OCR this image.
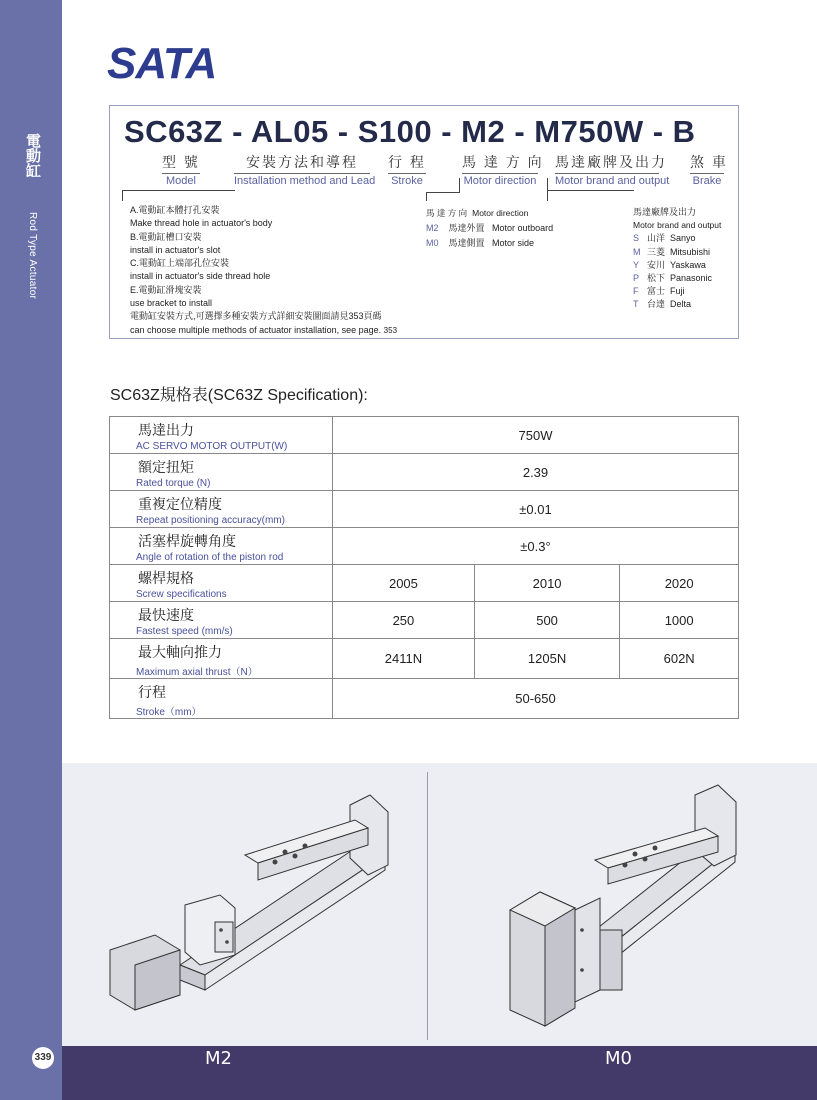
電動缸
Rod Type Actuator
339
SATA
SC63Z - AL05 - S100 - M2 - M750W - B
型 號
Model
安裝方法和導程
Installation method and Lead
行 程
Stroke
馬 達 方 向
Motor direction
馬達廠牌及出力
Motor brand and output
煞 車
Brake
A.電動缸本體打孔安裝
Make thread hole in actuator's body
B.電動缸槽口安裝
install in actuator's slot
C.電動缸上端部孔位安裝
install in actuator's side thread hole
E.電動缸滑塊安裝
use bracket to install
電動缸安裝方式,可選擇多種安裝方式詳細安裝圖面請見353頁碼
can choose multiple methods of actuator installation, see page. 353
馬 達 方 向 Motor direction
M2 馬達外置 Motor outboard
M0 馬達側置 Motor side
馬達廠牌及出力
Motor brand and output
S 山洋 Sanyo
M 三菱 Mitsubishi
Y 安川 Yaskawa
P 松下 Panasonic
F 富士 Fuji
T 台達 Delta
SC63Z規格表(SC63Z Specification):
馬達出力
AC SERVO MOTOR OUTPUT(W)	750W		

額定扭矩
Rated torque (N)	2.39		

重複定位精度
Repeat positioning accuracy(mm)	±0.01		

活塞桿旋轉角度
Angle of rotation of the piston rod	±0.3°		

螺桿規格
Screw specifications	2005	2010	2020

最快速度
Fastest speed (mm/s)	250	500	1000

最大軸向推力
Maximum axial thrust（N）	2411N	1205N	602N

行程
Stroke（mm）	50-650		
M2	M0
